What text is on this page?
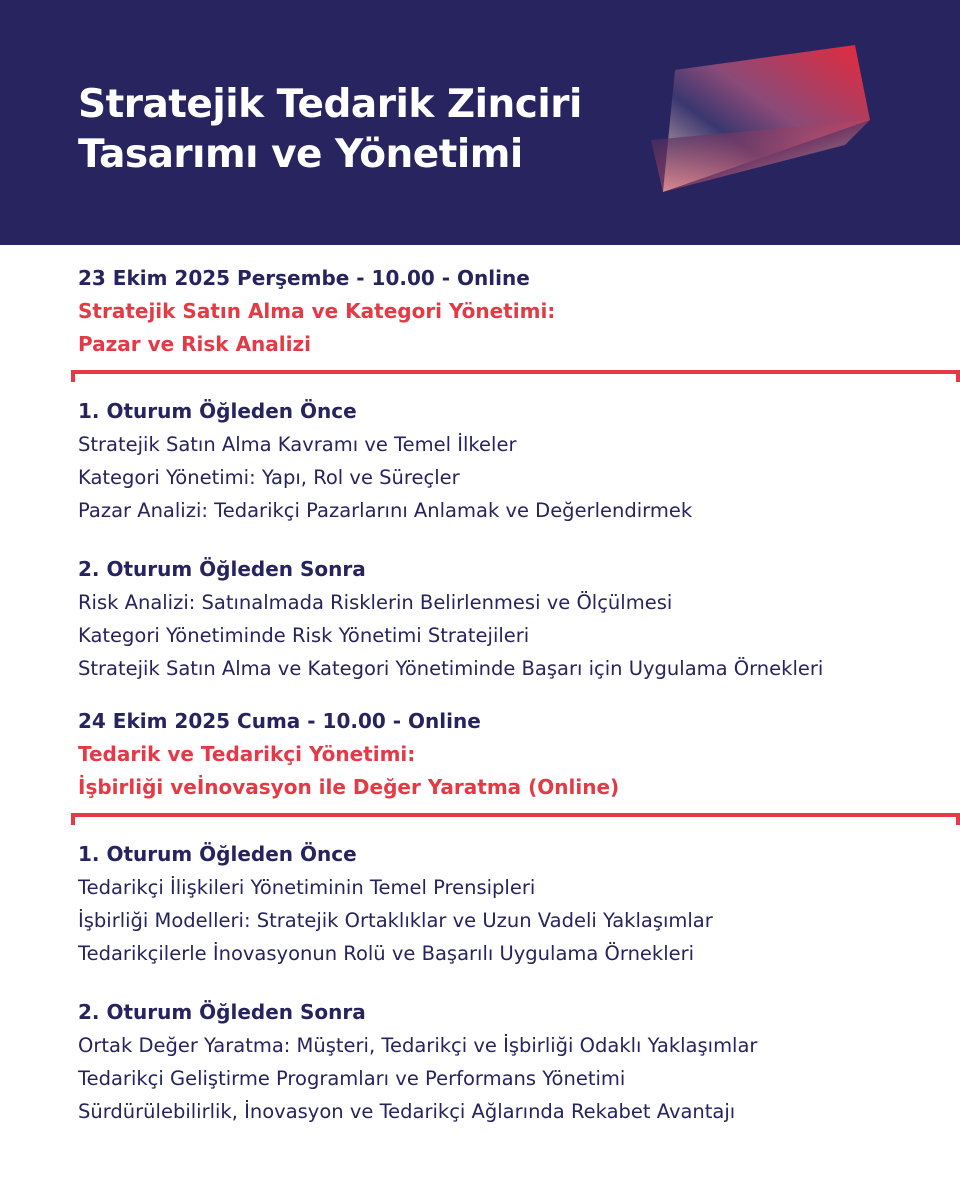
Stratejik Tedarik Zinciri
Tasarımı ve Yönetimi

23 Ekim 2025 Perşembe - 10.00 - Online

Stratejik Satın Alma ve Kategori Yönetimi:
Pazar ve Risk Analizi

1. Oturum Öğleden Önce

Stratejik Satın Alma Kavramı ve Temel İlkeler

Kategori Yönetimi: Yapı, Rol ve Süreçler

Pazar Analizi: Tedarikçi Pazarlarını Anlamak ve Değerlendirmek

2. Oturum Öğleden Sonra

Risk Analizi: Satınalmada Risklerin Belirlenmesi ve Ölçülmesi

Kategori Yönetiminde Risk Yönetimi Stratejileri

Stratejik Satın Alma ve Kategori Yönetiminde Başarı için Uygulama Örnekleri

24 Ekim 2025 Cuma - 10.00 - Online

Tedarik ve Tedarikçi Yönetimi:
İşbirliği veİnovasyon ile Değer Yaratma (Online)

1. Oturum Öğleden Önce

Tedarikçi İlişkileri Yönetiminin Temel Prensipleri

İşbirliği Modelleri: Stratejik Ortaklıklar ve Uzun Vadeli Yaklaşımlar

Tedarikçilerle İnovasyonun Rolü ve Başarılı Uygulama Örnekleri

2. Oturum Öğleden Sonra

Ortak Değer Yaratma: Müşteri, Tedarikçi ve İşbirliği Odaklı Yaklaşımlar

Tedarikçi Geliştirme Programları ve Performans Yönetimi

Sürdürülebilirlik, İnovasyon ve Tedarikçi Ağlarında Rekabet Avantajı
